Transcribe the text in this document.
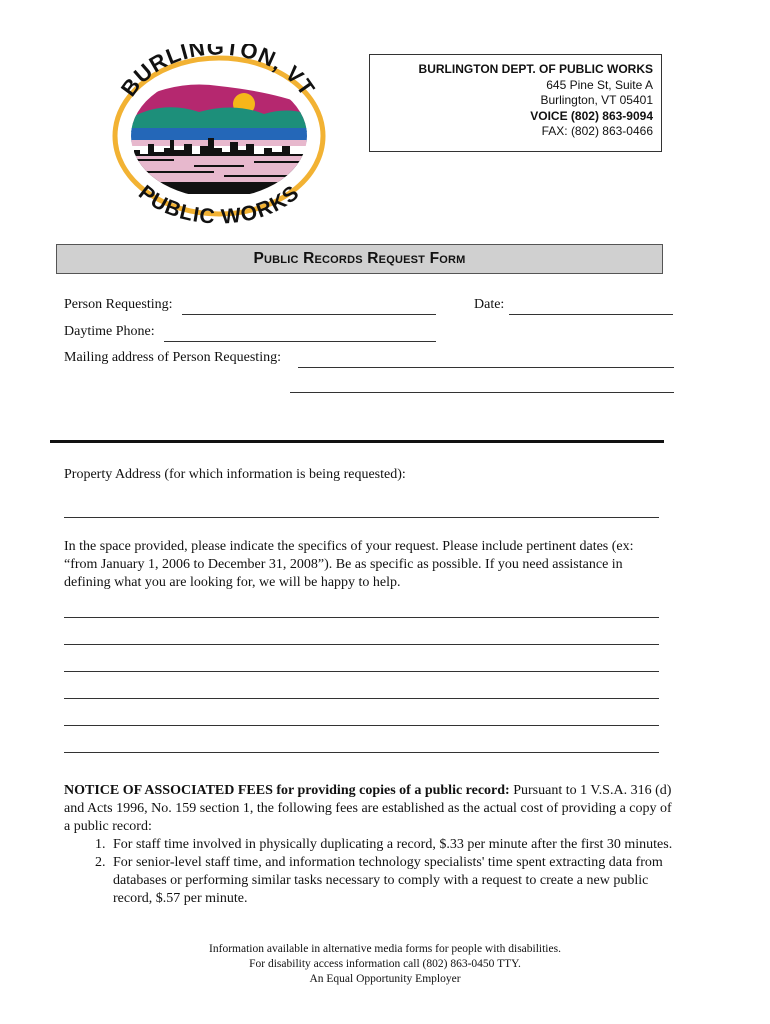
BURLINGTON, VT
PUBLIC WORKS
BURLINGTON DEPT. OF PUBLIC WORKS
645 Pine St, Suite A
Burlington, VT 05401
VOICE (802) 863-9094
FAX: (802) 863-0466
Public Records Request Form
Person Requesting:	Date:
Daytime Phone:
Mailing address of Person Requesting:
Property Address (for which information is being requested):
In the space provided, please indicate the specifics of your request. Please include pertinent dates (ex: “from January 1, 2006 to December 31, 2008”). Be as specific as possible. If you need assistance in defining what you are looking for, we will be happy to help.
NOTICE OF ASSOCIATED FEES for providing copies of a public record: Pursuant to 1 V.S.A. 316 (d) and Acts 1996, No. 159 section 1, the following fees are established as the actual cost of providing a copy of a public record:
1. For staff time involved in physically duplicating a record, $.33 per minute after the first 30 minutes.
2. For senior-level staff time, and information technology specialists' time spent extracting data from databases or performing similar tasks necessary to comply with a request to create a new public record, $.57 per minute.
Information available in alternative media forms for people with disabilities.
For disability access information call (802) 863-0450 TTY.
An Equal Opportunity Employer
